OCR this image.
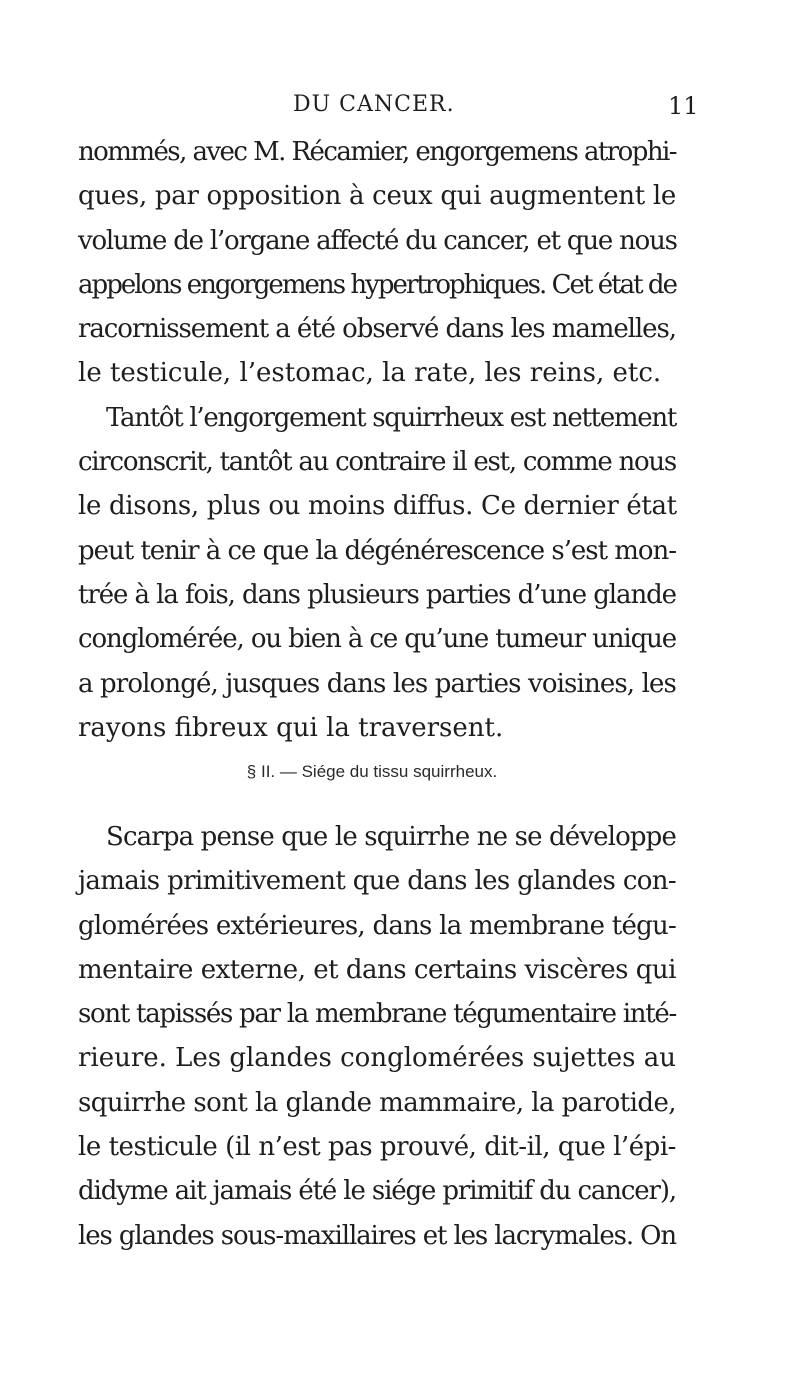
DU CANCER.	11
nommés, avec M. Récamier, engorgemens atrophi-
ques, par opposition à ceux qui augmentent le
volume de l’organe affecté du cancer, et que nous
appelons engorgemens hypertrophiques. Cet état de
racornissement a été observé dans les mamelles,
le testicule, l’estomac, la rate, les reins, etc.
Tantôt l’engorgement squirrheux est nettement
circonscrit, tantôt au contraire il est, comme nous
le disons, plus ou moins diffus. Ce dernier état
peut tenir à ce que la dégénérescence s’est mon-
trée à la fois, dans plusieurs parties d’une glande
conglomérée, ou bien à ce qu’une tumeur unique
a prolongé, jusques dans les parties voisines, les
rayons fibreux qui la traversent.
§ II. — Siége du tissu squirrheux.
Scarpa pense que le squirrhe ne se développe
jamais primitivement que dans les glandes con-
glomérées extérieures, dans la membrane tégu-
mentaire externe, et dans certains viscères qui
sont tapissés par la membrane tégumentaire inté-
rieure. Les glandes conglomérées sujettes au
squirrhe sont la glande mammaire, la parotide,
le testicule (il n’est pas prouvé, dit-il, que l’épi-
didyme ait jamais été le siége primitif du cancer),
les glandes sous-maxillaires et les lacrymales. On
